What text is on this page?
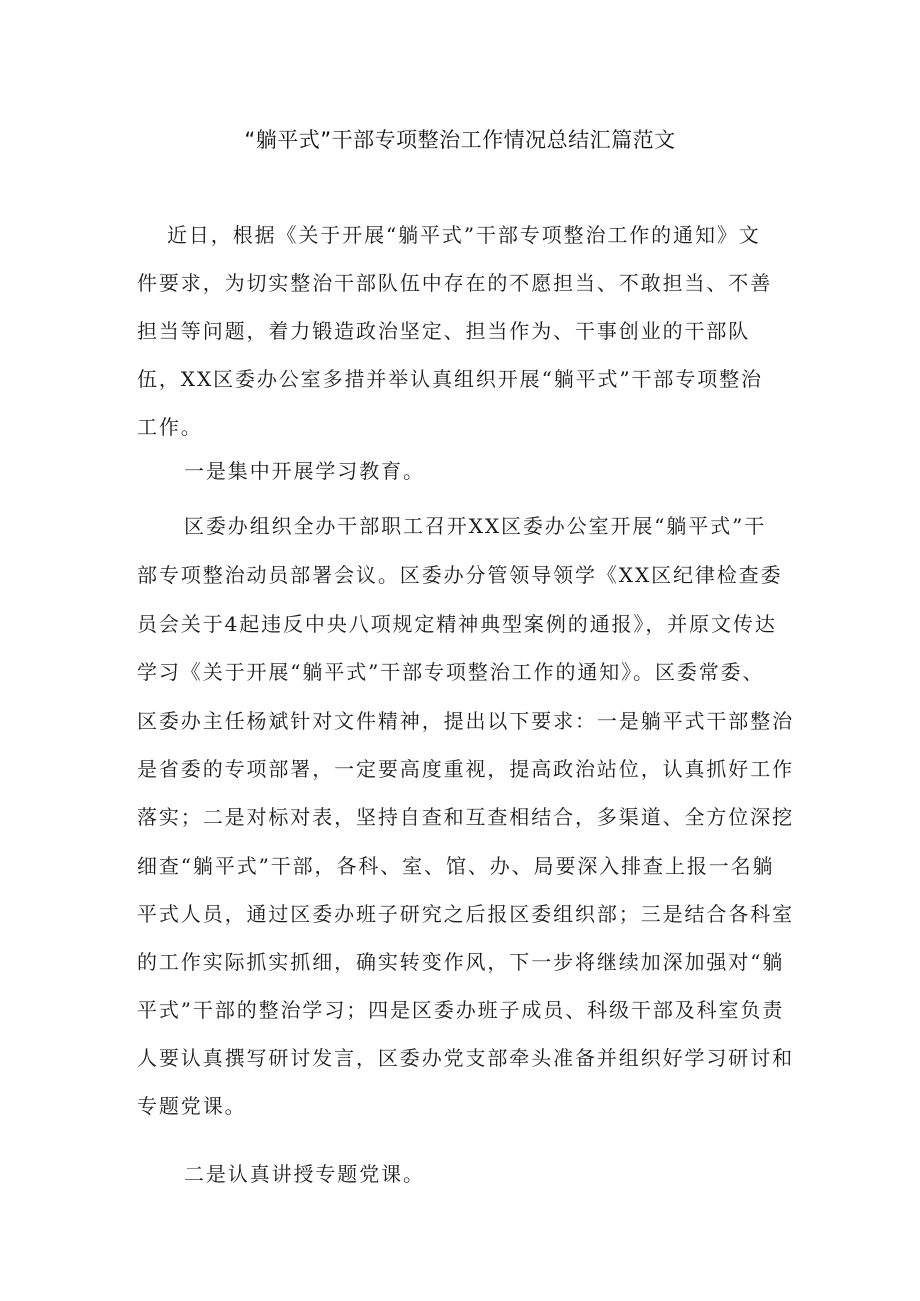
“躺平式”干部专项整治工作情况总结汇篇范文
近日，根据《关于开展“躺平式”干部专项整治工作的通知》文
件要求，为切实整治干部队伍中存在的不愿担当、不敢担当、不善
担当等问题，着力锻造政治坚定、担当作为、干事创业的干部队
伍，XX区委办公室多措并举认真组织开展“躺平式”干部专项整治
工作。
一是集中开展学习教育。
区委办组织全办干部职工召开XX区委办公室开展“躺平式”干
部专项整治动员部署会议。区委办分管领导领学《XX区纪律检查委
员会关于4起违反中央八项规定精神典型案例的通报》，并原文传达
学习《关于开展“躺平式”干部专项整治工作的通知》。区委常委、
区委办主任杨斌针对文件精神，提出以下要求：一是躺平式干部整治
是省委的专项部署，一定要高度重视，提高政治站位，认真抓好工作
落实；二是对标对表，坚持自查和互查相结合，多渠道、全方位深挖
细查“躺平式”干部，各科、室、馆、办、局要深入排查上报一名躺
平式人员，通过区委办班子研究之后报区委组织部；三是结合各科室
的工作实际抓实抓细，确实转变作风，下一步将继续加深加强对“躺
平式”干部的整治学习；四是区委办班子成员、科级干部及科室负责
人要认真撰写研讨发言，区委办党支部牵头准备并组织好学习研讨和
专题党课。
二是认真讲授专题党课。
